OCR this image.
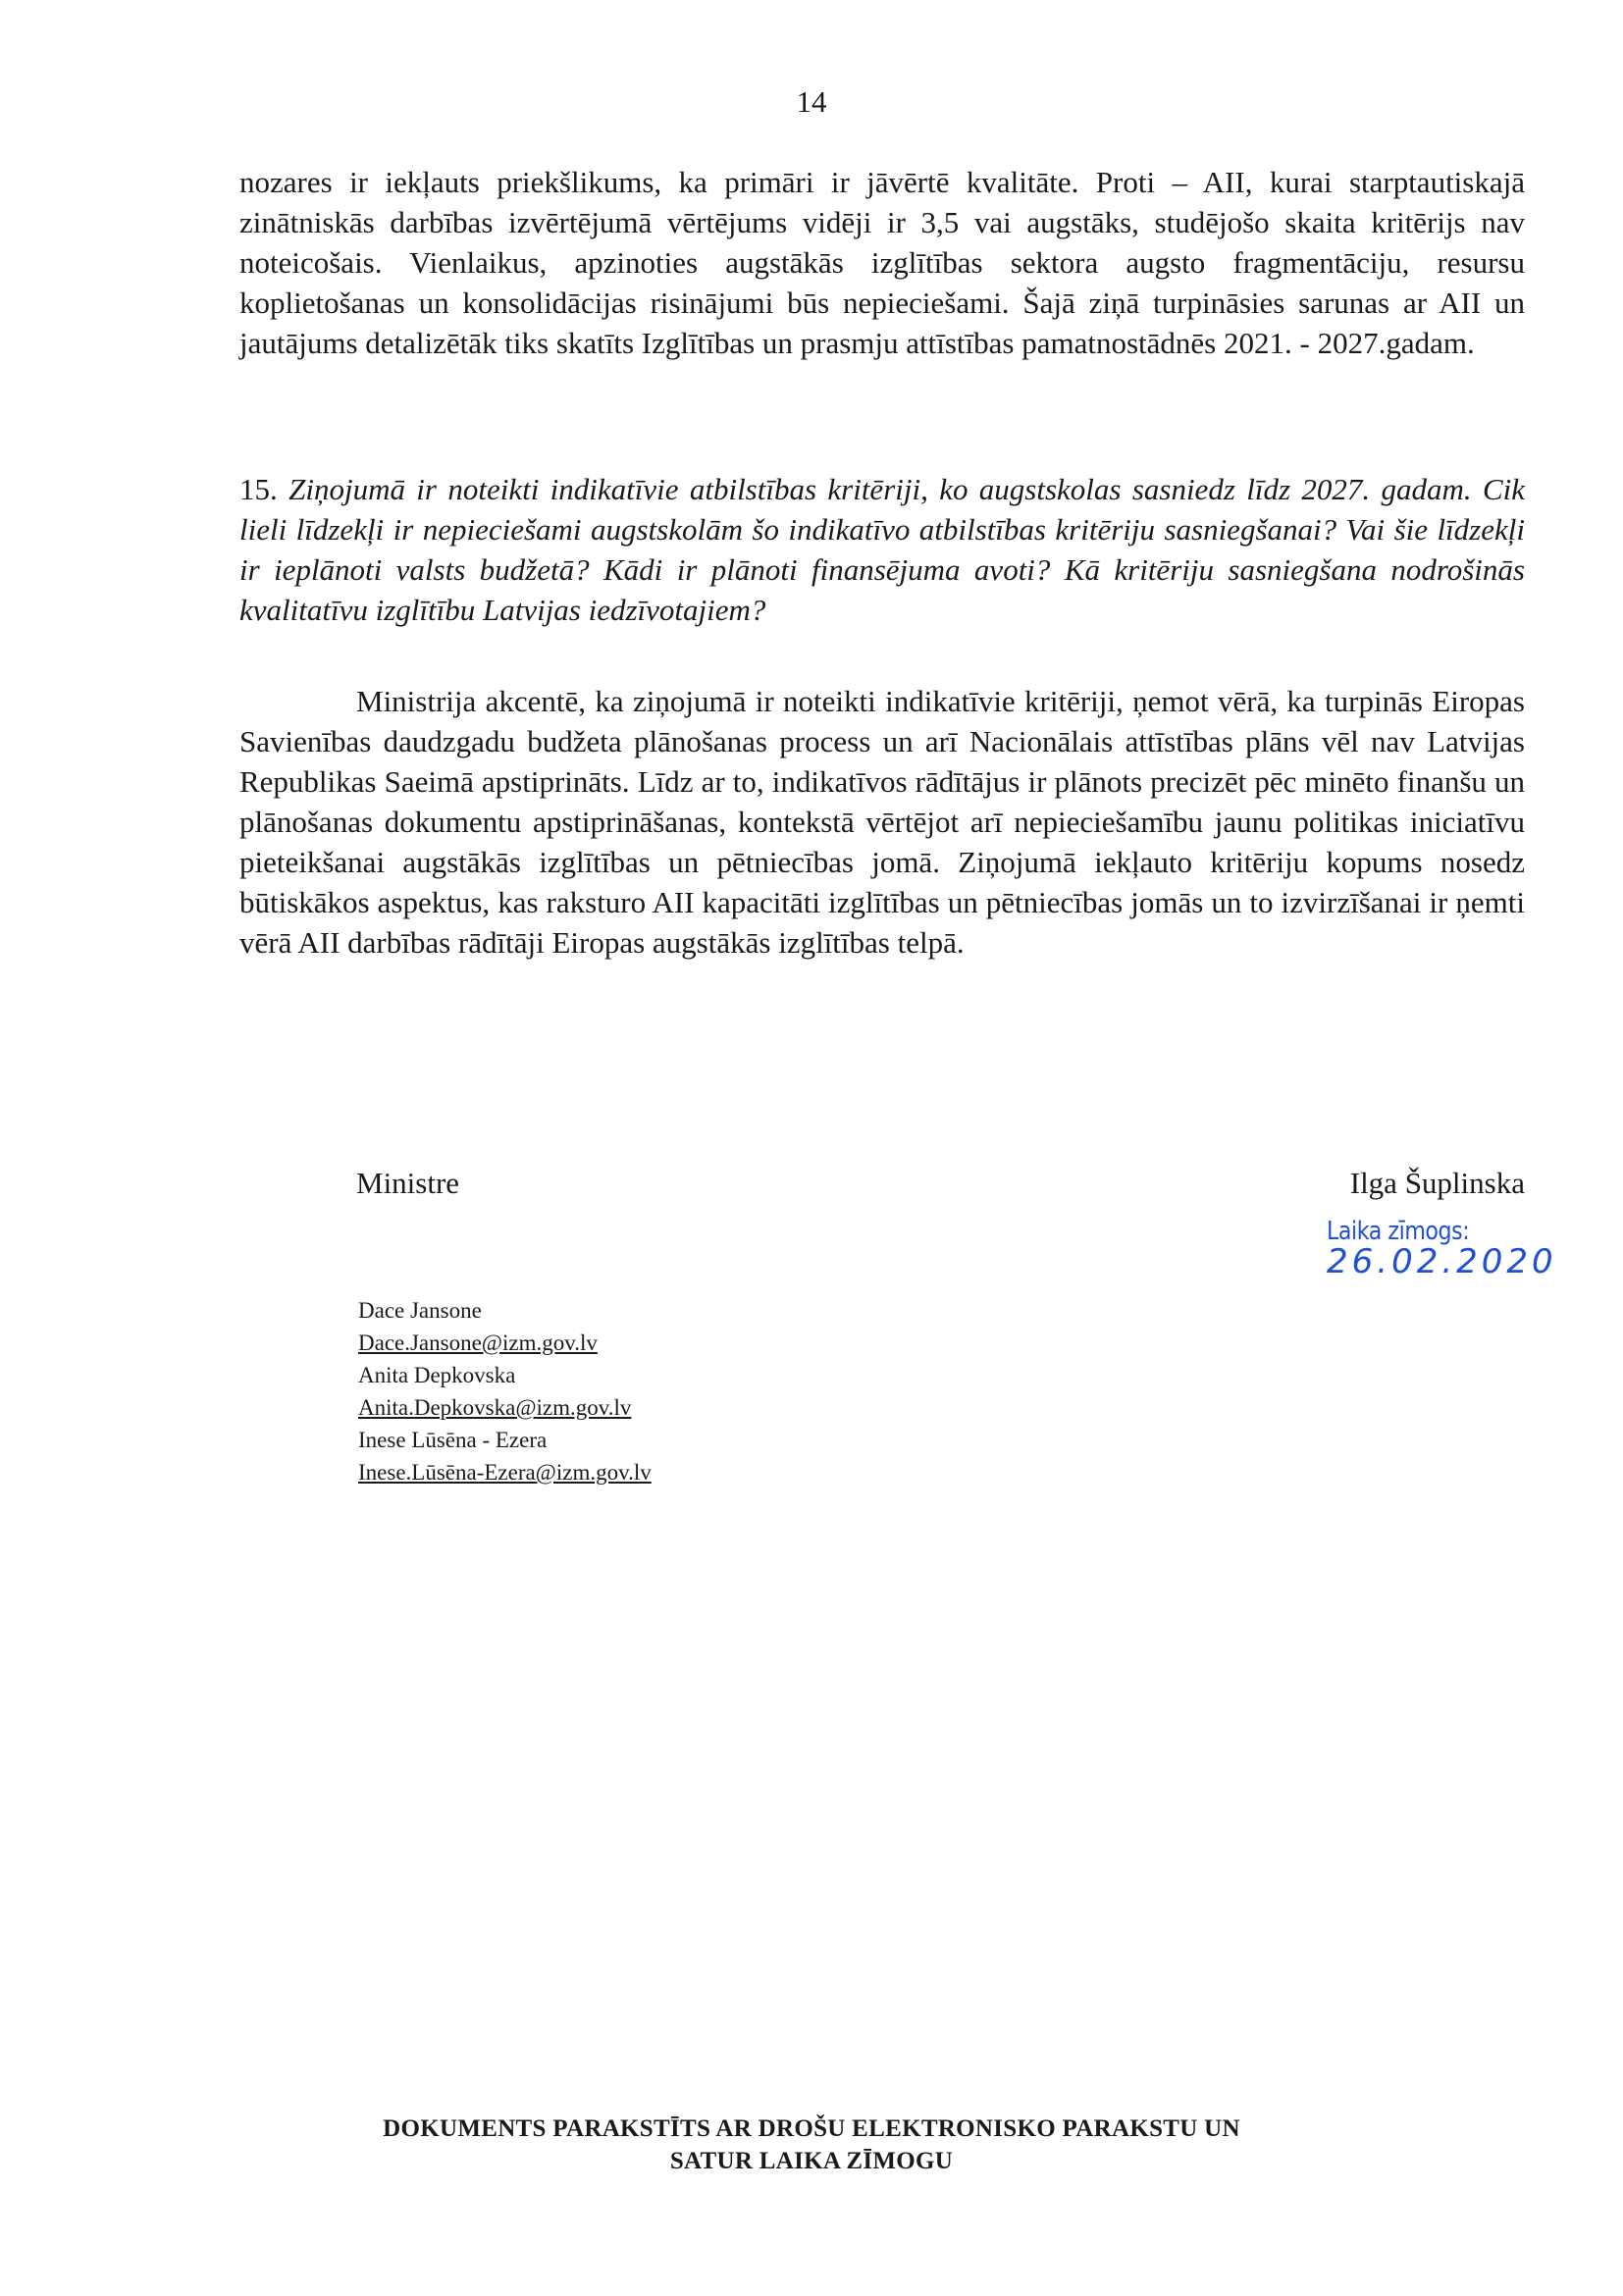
14
nozares ir iekļauts priekšlikums, ka primāri ir jāvērtē kvalitāte. Proti – AII, kurai starptautiskajā zinātniskās darbības izvērtējumā vērtējums vidēji ir 3,5 vai augstāks, studējošo skaita kritērijs nav noteicošais. Vienlaikus, apzinoties augstākās izglītības sektora augsto fragmentāciju, resursu koplietošanas un konsolidācijas risinājumi būs nepieciešami. Šajā ziņā turpināsies sarunas ar AII un jautājums detalizētāk tiks skatīts Izglītības un prasmju attīstības pamatnostādnēs 2021. - 2027.gadam.
15. Ziņojumā ir noteikti indikatīvie atbilstības kritēriji, ko augstskolas sasniedz līdz 2027. gadam. Cik lieli līdzekļi ir nepieciešami augstskolām šo indikatīvo atbilstības kritēriju sasniegšanai? Vai šie līdzekļi ir ieplānoti valsts budžetā? Kādi ir plānoti finansējuma avoti? Kā kritēriju sasniegšana nodrošinās kvalitatīvu izglītību Latvijas iedzīvotajiem?
Ministrija akcentē, ka ziņojumā ir noteikti indikatīvie kritēriji, ņemot vērā, ka turpinās Eiropas Savienības daudzgadu budžeta plānošanas process un arī Nacionālais attīstības plāns vēl nav Latvijas Republikas Saeimā apstiprināts. Līdz ar to, indikatīvos rādītājus ir plānots precizēt pēc minēto finanšu un plānošanas dokumentu apstiprināšanas, kontekstā vērtējot arī nepieciešamību jaunu politikas iniciatīvu pieteikšanai augstākās izglītības un pētniecības jomā. Ziņojumā iekļauto kritēriju kopums nosedz būtiskākos aspektus, kas raksturo AII kapacitāti izglītības un pētniecības jomās un to izvirzīšanai ir ņemti vērā AII darbības rādītāji Eiropas augstākās izglītības telpā.
Ministre	Ilga Šuplinska
Laika zīmogs:
26.02.2020
Dace Jansone
Dace.Jansone@izm.gov.lv
Anita Depkovska
Anita.Depkovska@izm.gov.lv
Inese Lūsēna - Ezera
Inese.Lūsēna-Ezera@izm.gov.lv
DOKUMENTS PARAKSTĪTS AR DROŠU ELEKTRONISKO PARAKSTU UN
SATUR LAIKA ZĪMOGU
